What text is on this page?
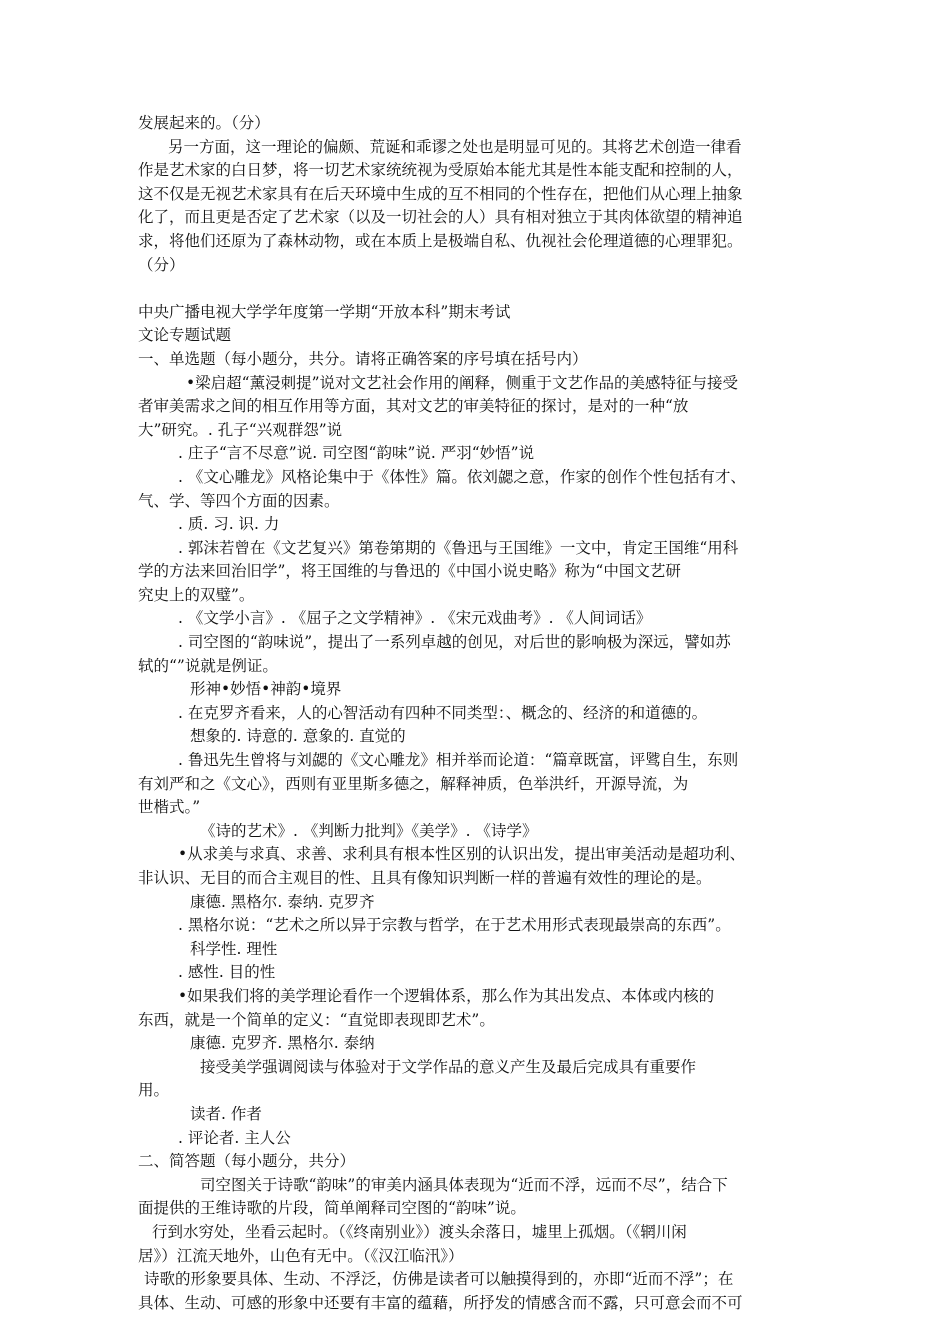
发展起来的。（分）
另一方面，这一理论的偏颇、荒诞和乖谬之处也是明显可见的。其将艺术创造一律看
作是艺术家的白日梦，将一切艺术家统统视为受原始本能尤其是性本能支配和控制的人，
这不仅是无视艺术家具有在后天环境中生成的互不相同的个性存在，把他们从心理上抽象
化了，而且更是否定了艺术家（以及一切社会的人）具有相对独立于其肉体欲望的精神追
求，将他们还原为了森林动物，或在本质上是极端自私、仇视社会伦理道德的心理罪犯。
（分）
中央广播电视大学学年度第一学期“开放本科”期末考试
文论专题试题
一、单选题（每小题分，共分。请将正确答案的序号填在括号内）
•梁启超“薰浸刺提”说对文艺社会作用的阐释，侧重于文艺作品的美感特征与接受
者审美需求之间的相互作用等方面，其对文艺的审美特征的探讨，是对的一种“放
大”研究。. 孔子“兴观群怨”说
. 庄子“言不尽意”说. 司空图“韵味”说. 严羽“妙悟”说
. 《文心雕龙》风格论集中于《体性》篇。依刘勰之意，作家的创作个性包括有才、
气、学、等四个方面的因素。
. 质. 习. 识. 力
. 郭沫若曾在《文艺复兴》第卷第期的《鲁迅与王国维》一文中，肯定王国维“用科
学的方法来回治旧学”，将王国维的与鲁迅的《中国小说史略》称为“中国文艺研
究史上的双璧”。
. 《文学小言》. 《屈子之文学精神》. 《宋元戏曲考》. 《人间词话》
. 司空图的“韵味说”，提出了一系列卓越的创见，对后世的影响极为深远，譬如苏
轼的“”说就是例证。
形神•妙悟•神韵•境界
. 在克罗齐看来，人的心智活动有四种不同类型：、概念的、经济的和道德的。
想象的. 诗意的. 意象的. 直觉的
. 鲁迅先生曾将与刘勰的《文心雕龙》相并举而论道：“篇章既富，评骘自生，东则
有刘严和之《文心》，西则有亚里斯多德之，解释神质，色举洪纤，开源导流，为
世楷式。”
《诗的艺术》. 《判断力批判》《美学》. 《诗学》
•从求美与求真、求善、求利具有根本性区别的认识出发，提出审美活动是超功利、
非认识、无目的而合主观目的性、且具有像知识判断一样的普遍有效性的理论的是。
康德. 黑格尔. 泰纳. 克罗齐
. 黑格尔说：“艺术之所以异于宗教与哲学，在于艺术用形式表现最崇高的东西”。
科学性. 理性
. 感性. 目的性
•如果我们将的美学理论看作一个逻辑体系，那么作为其出发点、本体或内核的
东西，就是一个简单的定义：“直觉即表现即艺术”。
康德. 克罗齐. 黑格尔. 泰纳
接受美学强调阅读与体验对于文学作品的意义产生及最后完成具有重要作
用。
读者. 作者
. 评论者. 主人公
二、简答题（每小题分，共分）
司空图关于诗歌“韵味”的审美内涵具体表现为“近而不浮，远而不尽”，结合下
面提供的王维诗歌的片段，简单阐释司空图的“韵味”说。
行到水穷处，坐看云起时。（《终南别业》）渡头余落日，墟里上孤烟。（《辋川闲
居》）江流天地外，山色有无中。（《汉江临汛》）
诗歌的形象要具体、生动、不浮泛，仿佛是读者可以触摸得到的，亦即“近而不浮”；在
具体、生动、可感的形象中还要有丰富的蕴藉，所抒发的情感含而不露，只可意会而不可
